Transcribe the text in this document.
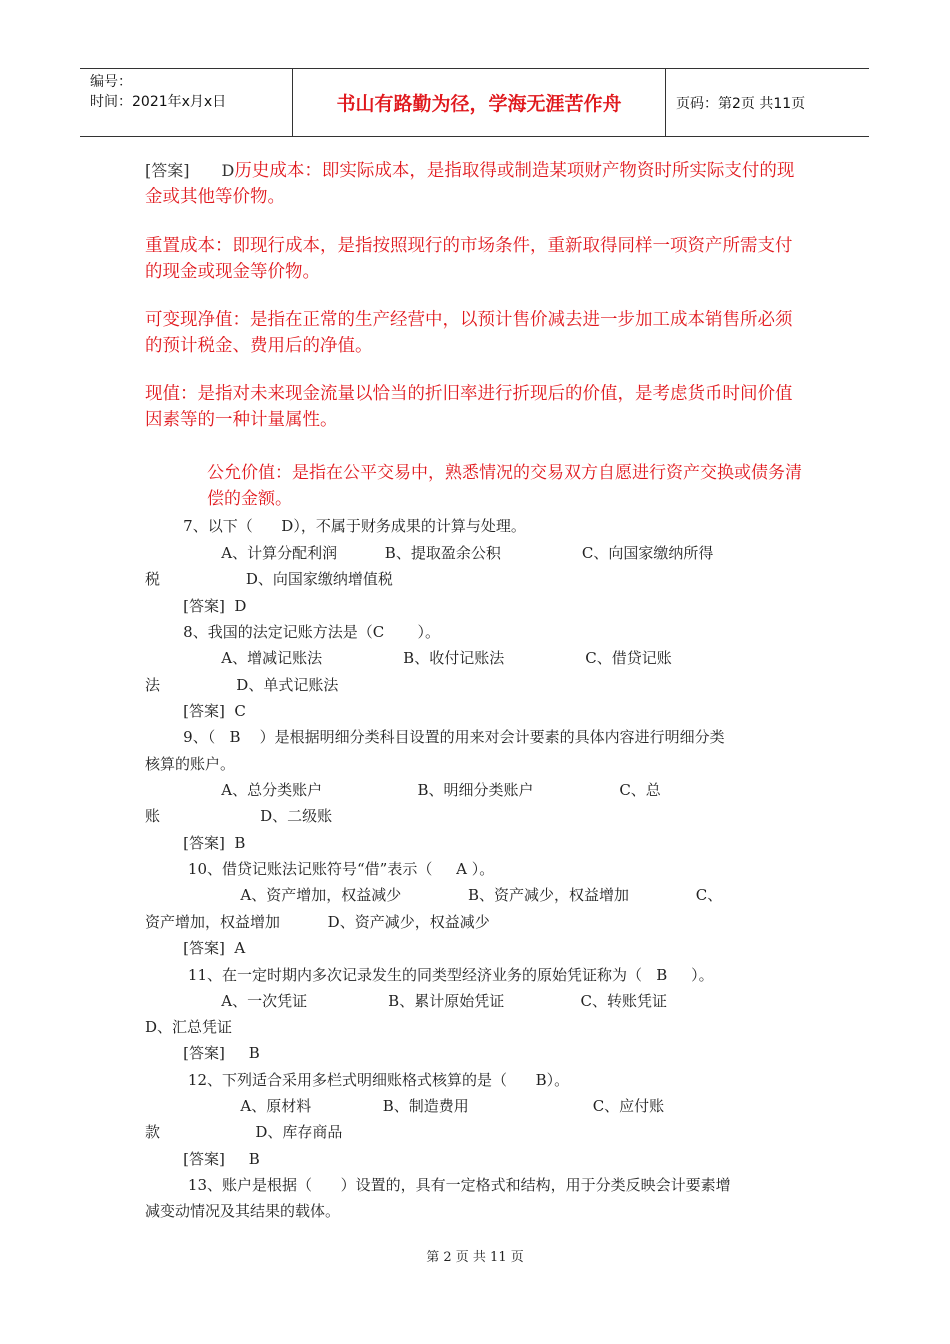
编号：
时间：2021年x月x日	书山有路勤为径，学海无涯苦作舟	页码：第2页 共11页
[答案]　　D历史成本：即实际成本，是指取得或制造某项财产物资时所实际支付的现金或其他等价物。
重置成本：即现行成本，是指按照现行的市场条件，重新取得同样一项资产所需支付的现金或现金等价物。
可变现净值：是指在正常的生产经营中，以预计售价减去进一步加工成本销售所必须的预计税金、费用后的净值。
现值：是指对未来现金流量以恰当的折旧率进行折现后的价值，是考虑货币时间价值因素等的一种计量属性。
公允价值：是指在公平交易中，熟悉情况的交易双方自愿进行资产交换或债务清偿的金额。
7、以下（      D），不属于财务成果的计算与处理。
A、计算分配利润          B、提取盈余公积                 C、向国家缴纳所得
税                  D、向国家缴纳增值税
[答案]  D
8、我国的法定记账方法是（C       ）。
A、增减记账法                 B、收付记账法                 C、借贷记账
法                D、单式记账法
[答案]  C
9、（   B    ）是根据明细分类科目设置的用来对会计要素的具体内容进行明细分类
核算的账户。
A、总分类账户                    B、明细分类账户                  C、总
账                     D、二级账
[答案]  B
10、借贷记账法记账符号“借”表示（     A ）。
A、资产增加，权益减少              B、资产减少，权益增加              C、
资产增加，权益增加          D、资产减少，权益减少
[答案]  A
11、在一定时期内多次记录发生的同类型经济业务的原始凭证称为（   B     ）。
A、一次凭证                 B、累计原始凭证                C、转账凭证
D、汇总凭证
[答案]     B
12、下列适合采用多栏式明细账格式核算的是（      B）。
A、原材料               B、制造费用                          C、应付账
款                    D、库存商品
[答案]     B
13、账户是根据（      ）设置的，具有一定格式和结构，用于分类反映会计要素增
减变动情况及其结果的载体。
第 2 页 共 11 页
